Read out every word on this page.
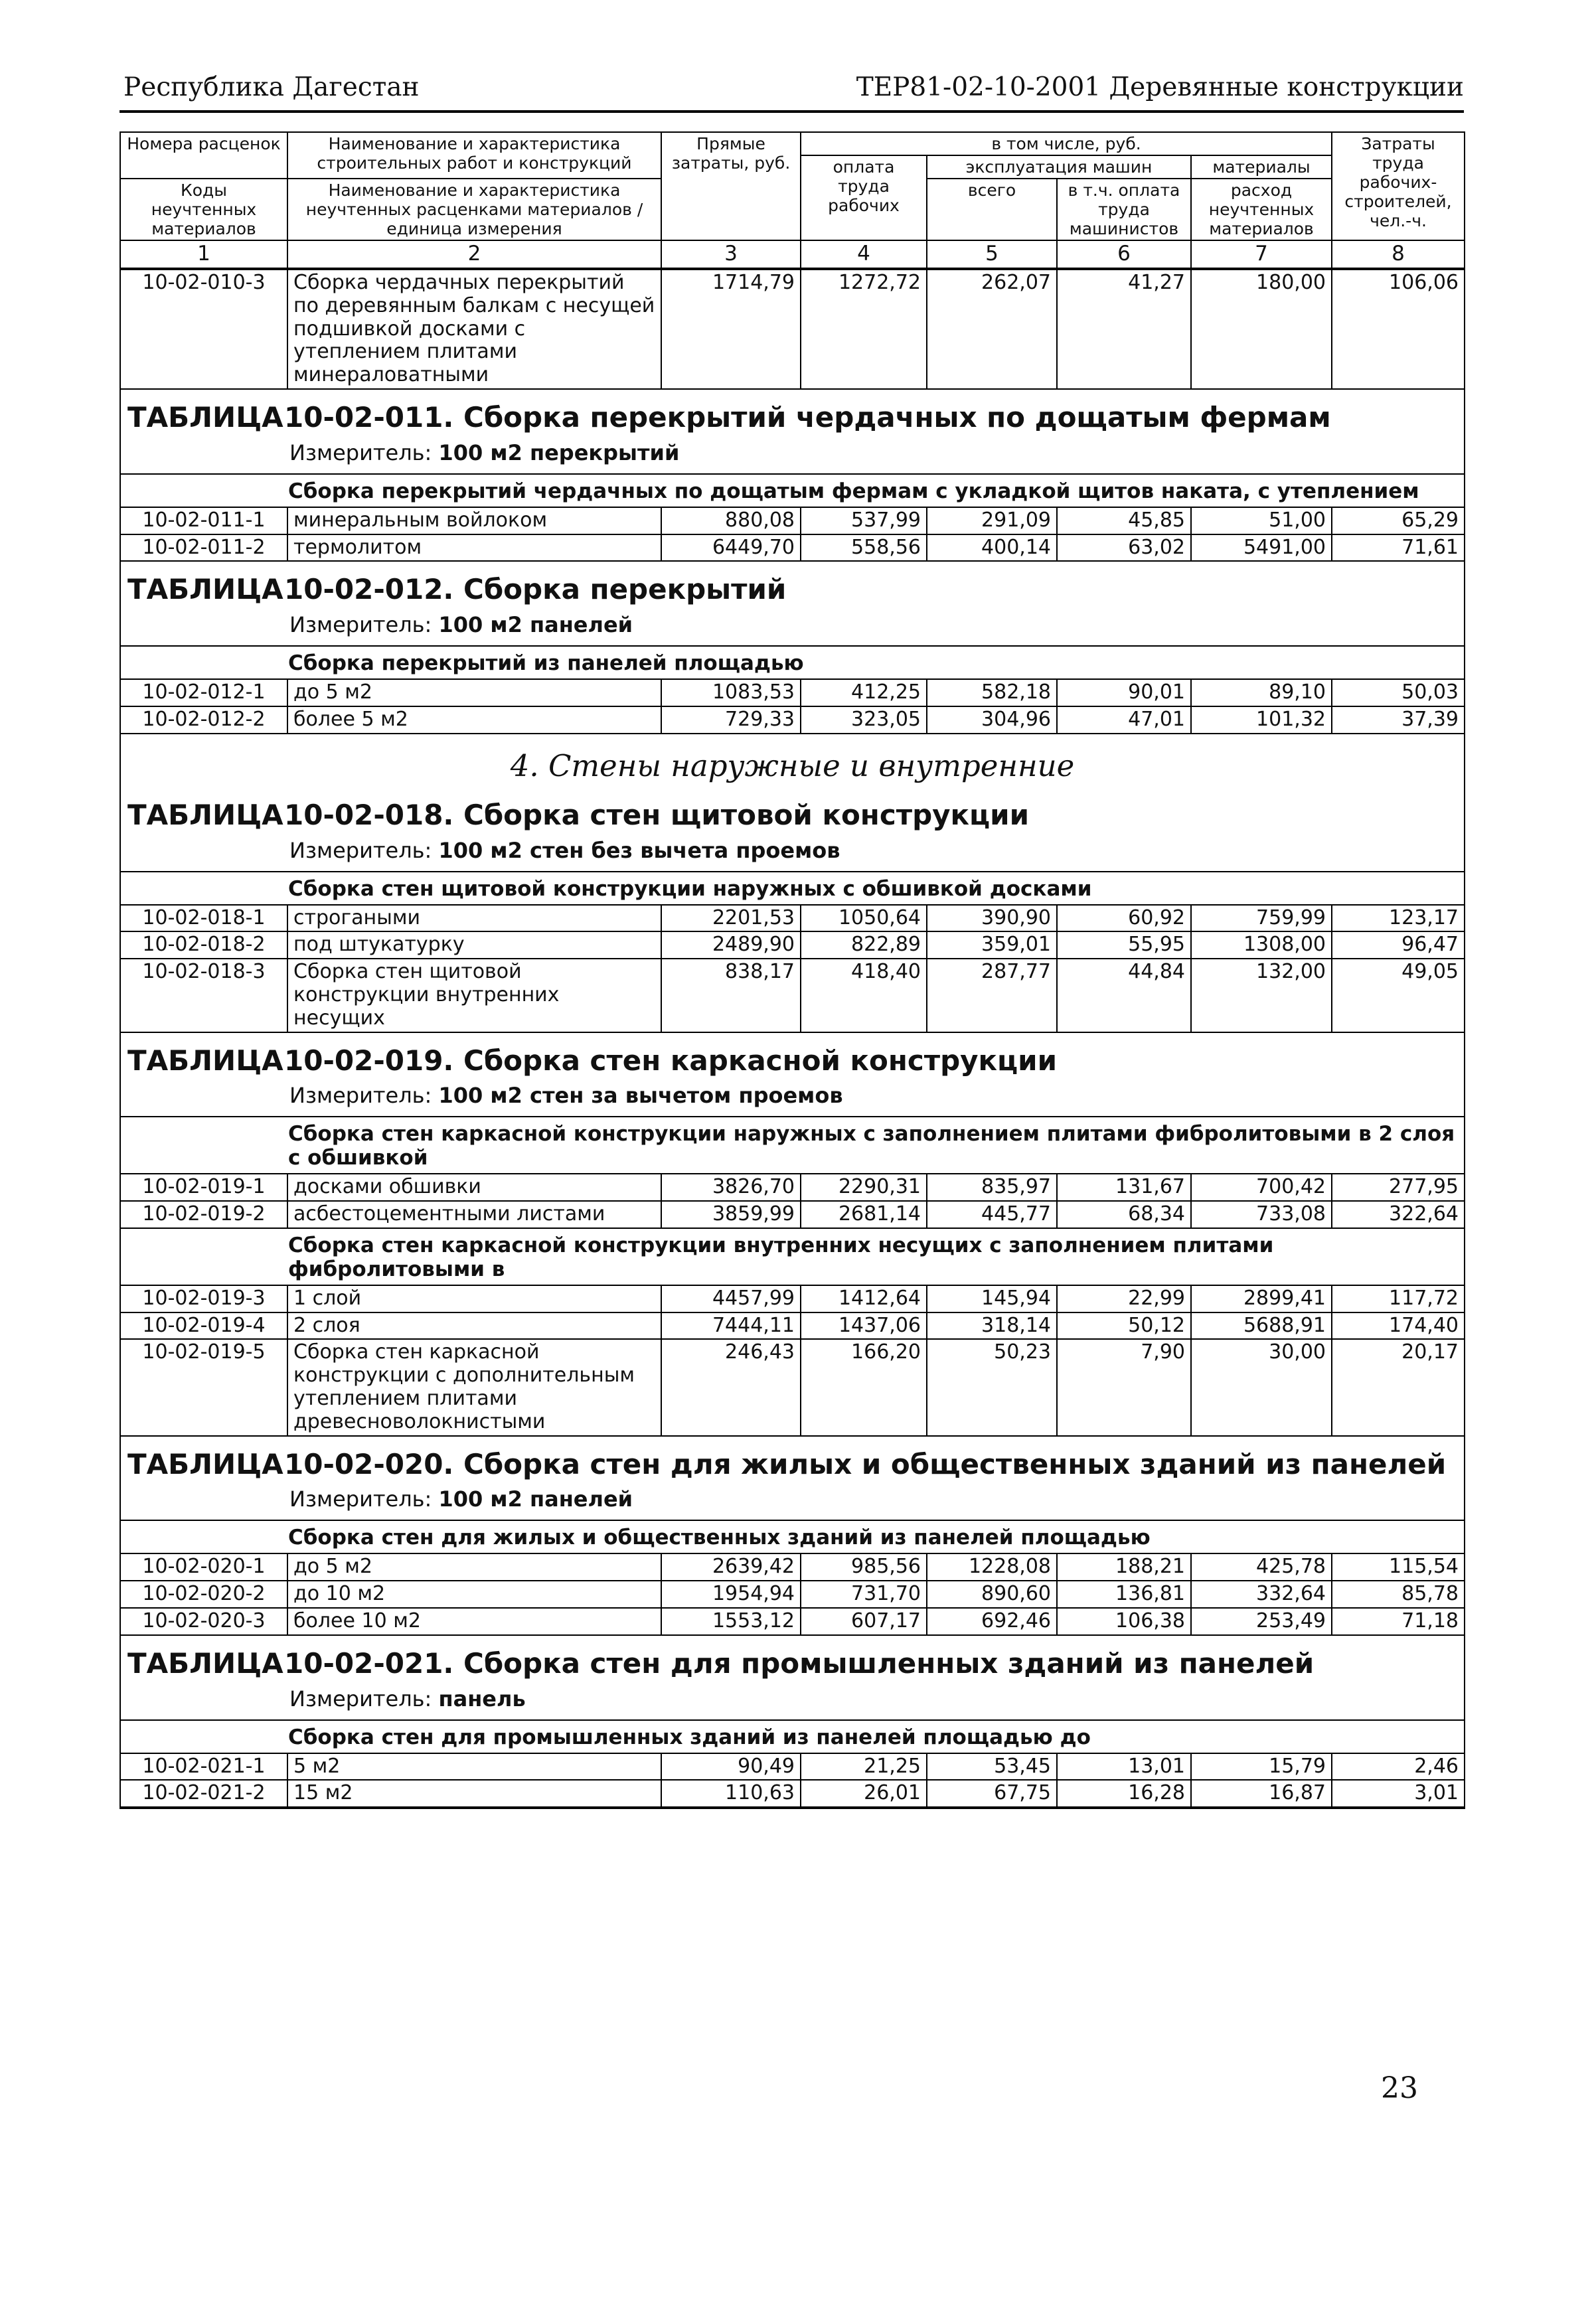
Республика Дагестан	ТЕР81-02-10-2001 Деревянные конструкции
Номера расценок	Наименование и характеристика строительных работ и конструкций	Прямые затраты, руб.	в том числе, руб.				Затраты труда рабочих-строителей, чел.-ч.
			оплата труда рабочих	эксплуатация машин		материалы	
Коды неучтенных материалов	Наименование и характеристика неучтенных расценками материалов / единица измерения			всего	в т.ч. оплата труда машинистов	расход неучтенных материалов	

1	2	3	4	5	6	7	8
10-02-010-3	Сборка чердачных перекрытий по деревянным балкам с несущей подшивкой досками с утеплением плитами минераловатными	1714,79	1272,72	262,07	41,27	180,00	106,06
ТАБЛИЦА10-02-011. Сборка перекрытий чердачных по дощатым фермам							
Измеритель: 100 м2 перекрытий							
Сборка перекрытий чердачных по дощатым фермам с укладкой щитов наката, с утеплением							
10-02-011-1	минеральным войлоком	880,08	537,99	291,09	45,85	51,00	65,29
10-02-011-2	термолитом	6449,70	558,56	400,14	63,02	5491,00	71,61
ТАБЛИЦА10-02-012. Сборка перекрытий							
Измеритель: 100 м2 панелей							
Сборка перекрытий из панелей площадью							
10-02-012-1	до 5 м2	1083,53	412,25	582,18	90,01	89,10	50,03
10-02-012-2	более 5 м2	729,33	323,05	304,96	47,01	101,32	37,39
4. Стены наружные и внутренние							
ТАБЛИЦА10-02-018. Сборка стен щитовой конструкции							
Измеритель: 100 м2 стен без вычета проемов							
Сборка стен щитовой конструкции наружных с обшивкой досками							
10-02-018-1	строгаными	2201,53	1050,64	390,90	60,92	759,99	123,17
10-02-018-2	под штукатурку	2489,90	822,89	359,01	55,95	1308,00	96,47
10-02-018-3	Сборка стен щитовой конструкции внутренних несущих	838,17	418,40	287,77	44,84	132,00	49,05
ТАБЛИЦА10-02-019. Сборка стен каркасной конструкции							
Измеритель: 100 м2 стен за вычетом проемов							
Сборка стен каркасной конструкции наружных с заполнением плитами фибролитовыми в 2 слоя с обшивкой							
10-02-019-1	досками обшивки	3826,70	2290,31	835,97	131,67	700,42	277,95
10-02-019-2	асбестоцементными листами	3859,99	2681,14	445,77	68,34	733,08	322,64
Сборка стен каркасной конструкции внутренних несущих с заполнением плитами фибролитовыми в							
10-02-019-3	1 слой	4457,99	1412,64	145,94	22,99	2899,41	117,72
10-02-019-4	2 слоя	7444,11	1437,06	318,14	50,12	5688,91	174,40
10-02-019-5	Сборка стен каркасной конструкции с дополнительным утеплением плитами древесноволокнистыми	246,43	166,20	50,23	7,90	30,00	20,17
ТАБЛИЦА10-02-020. Сборка стен для жилых и общественных зданий из панелей							
Измеритель: 100 м2 панелей							
Сборка стен для жилых и общественных зданий из панелей площадью							
10-02-020-1	до 5 м2	2639,42	985,56	1228,08	188,21	425,78	115,54
10-02-020-2	до 10 м2	1954,94	731,70	890,60	136,81	332,64	85,78
10-02-020-3	более 10 м2	1553,12	607,17	692,46	106,38	253,49	71,18
ТАБЛИЦА10-02-021. Сборка стен для промышленных зданий из панелей							
Измеритель: панель							
Сборка стен для промышленных зданий из панелей площадью до							
10-02-021-1	5 м2	90,49	21,25	53,45	13,01	15,79	2,46
10-02-021-2	15 м2	110,63	26,01	67,75	16,28	16,87	3,01
23
